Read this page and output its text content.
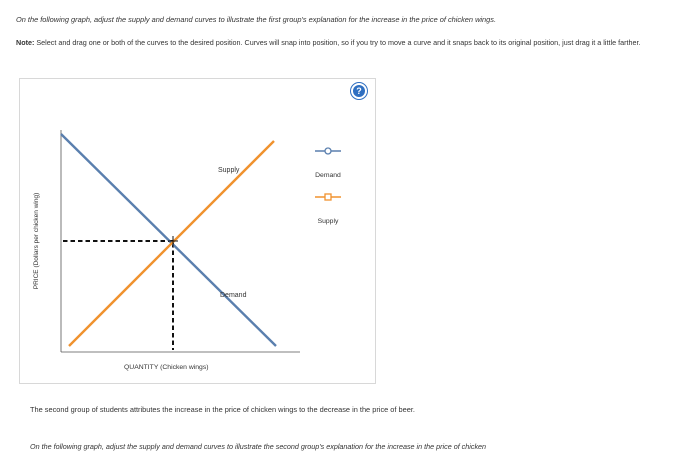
On the following graph, adjust the supply and demand curves to illustrate the first group's explanation for the increase in the price of chicken wings.
Note: Select and drag one or both of the curves to the desired position. Curves will snap into position, so if you try to move a curve and it snaps back to its original position, just drag it a little farther.
?
Supply
Demand
PRICE (Dollars per chicken wing)
QUANTITY (Chicken wings)
Demand
Supply
The second group of students attributes the increase in the price of chicken wings to the decrease in the price of beer.
On the following graph, adjust the supply and demand curves to illustrate the second group's explanation for the increase in the price of chicken
